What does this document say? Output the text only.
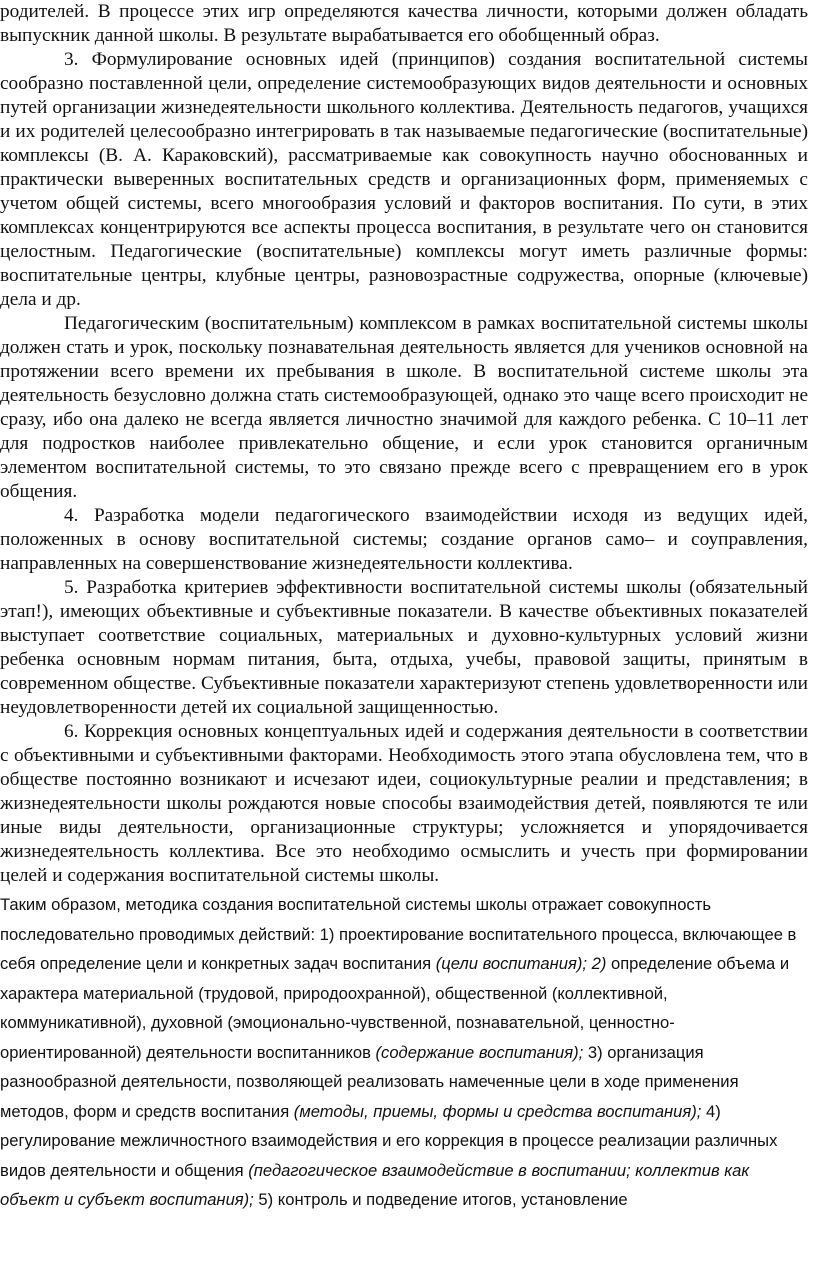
родителей. В процессе этих игр определяются качества личности, которыми должен обладать выпускник данной школы. В результате вырабатывается его обобщенный образ.

3. Формулирование основных идей (принципов) создания воспитательной системы сообразно поставленной цели, определение системообразующих видов деятельности и основных путей организации жизнедеятельности школьного коллектива. Деятельность педагогов, учащихся и их родителей целесообразно интегрировать в так называемые педагогические (воспитательные) комплексы (В. А. Караковский), рассматриваемые как совокупность научно обоснованных и практически выверенных воспитательных средств и организационных форм, применяемых с учетом общей системы, всего многообразия условий и факторов воспитания. По сути, в этих комплексах концентрируются все аспекты процесса воспитания, в результате чего он становится целостным. Педагогические (воспитательные) комплексы могут иметь различные формы: воспитательные центры, клубные центры, разновозрастные содружества, опорные (ключевые) дела и др.

Педагогическим (воспитательным) комплексом в рамках воспитательной системы школы должен стать и урок, поскольку познавательная деятельность является для учеников основной на протяжении всего времени их пребывания в школе. В воспитательной системе школы эта деятельность безусловно должна стать системообразующей, однако это чаще всего происходит не сразу, ибо она далеко не всегда является личностно значимой для каждого ребенка. С 10–11 лет для подростков наиболее привлекательно общение, и если урок становится органичным элементом воспитательной системы, то это связано прежде всего с превращением его в урок общения.

4. Разработка модели педагогического взаимодействии исходя из ведущих идей, положенных в основу воспитательной системы; создание органов само– и соуправления, направленных на совершенствование жизнедеятельности коллектива.

5. Разработка критериев эффективности воспитательной системы школы (обязательный этап!), имеющих объективные и субъективные показатели. В качестве объективных показателей выступает соответствие социальных, материальных и духовно-культурных условий жизни ребенка основным нормам питания, быта, отдыха, учебы, правовой защиты, принятым в современном обществе. Субъективные показатели характеризуют степень удовлетворенности или неудовлетворенности детей их социальной защищенностью.

6. Коррекция основных концептуальных идей и содержания деятельности в соответствии с объективными и субъективными факторами. Необходимость этого этапа обусловлена тем, что в обществе постоянно возникают и исчезают идеи, социокультурные реалии и представления; в жизнедеятельности школы рождаются новые способы взаимодействия детей, появляются те или иные виды деятельности, организационные структуры; усложняется и упорядочивается жизнедеятельность коллектива. Все это необходимо осмыслить и учесть при формировании целей и содержания воспитательной системы школы.

Таким образом, методика создания воспитательной системы школы отражает совокупность последовательно проводимых действий: 1) проектирование воспитательного процесса, включающее в себя определение цели и конкретных задач воспитания (цели воспитания); 2) определение объема и характера материальной (трудовой, природоохранной), общественной (коллективной, коммуникативной), духовной (эмоционально-чувственной, познавательной, ценностно-ориентированной) деятельности воспитанников (содержание воспитания); 3) организация разнообразной деятельности, позволяющей реализовать намеченные цели в ходе применения методов, форм и средств воспитания (методы, приемы, формы и средства воспитания); 4) регулирование межличностного взаимодействия и его коррекция в процессе реализации различных видов деятельности и общения (педагогическое взаимодействие в воспитании; коллектив как объект и субъект воспитания); 5) контроль и подведение итогов, установление
